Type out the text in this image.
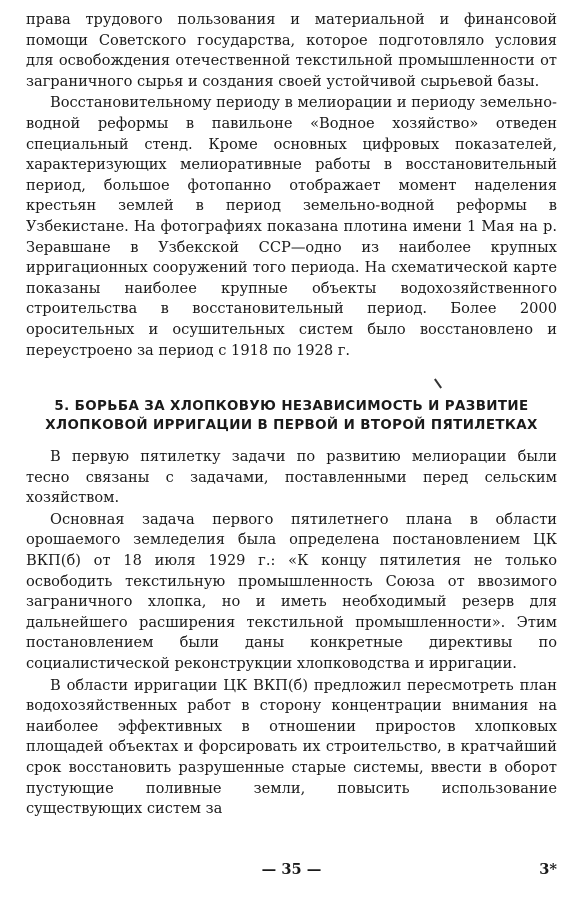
права трудового пользования и материальной и финансовой помощи Советского государства, которое подготовляло условия для освобождения отечественной текстильной промышленности от заграничного сырья и создания своей устойчивой сырьевой базы.

Восстановительному периоду в мелиорации и периоду земельно-водной реформы в павильоне «Водное хозяйство» отведен специальный стенд. Кроме основных цифровых показателей, характеризующих мелиоративные работы в восстановительный период, большое фотопанно отображает момент наделения крестьян землей в период земельно-водной реформы в Узбекистане. На фотографиях показана плотина имени 1 Мая на р. Зеравшане в Узбекской ССР—одно из наиболее крупных ирригационных сооружений того периода. На схематической карте показаны наиболее крупные объекты водохозяйственного строительства в восстановительный период. Более 2000 оросительных и осушительных систем было восстановлено и переустроено за период с 1918 по 1928 г.

5. БОРЬБА ЗА ХЛОПКОВУЮ НЕЗАВИСИМОСТЬ И РАЗВИТИЕ ХЛОПКОВОЙ ИРРИГАЦИИ В ПЕРВОЙ И ВТОРОЙ ПЯТИЛЕТКАХ

В первую пятилетку задачи по развитию мелиорации были тесно связаны с задачами, поставленными перед сельским хозяйством.

Основная задача первого пятилетнего плана в области орошаемого земледелия была определена постановлением ЦК ВКП(б) от 18 июля 1929 г.: «К концу пятилетия не только освободить текстильную промышленность Союза от ввозимого заграничного хлопка, но и иметь необходимый резерв для дальнейшего расширения текстильной промышленности». Этим постановлением были даны конкретные директивы по социалистической реконструкции хлопководства и ирригации.

В области ирригации ЦК ВКП(б) предложил пересмотреть план водохозяйственных работ в сторону концентрации внимания на наиболее эффективных в отношении приростов хлопковых площадей объектах и форсировать их строительство, в кратчайший срок восстановить разрушенные старые системы, ввести в оборот пустующие поливные земли, повысить использование существующих систем за

— 35 —	3*
